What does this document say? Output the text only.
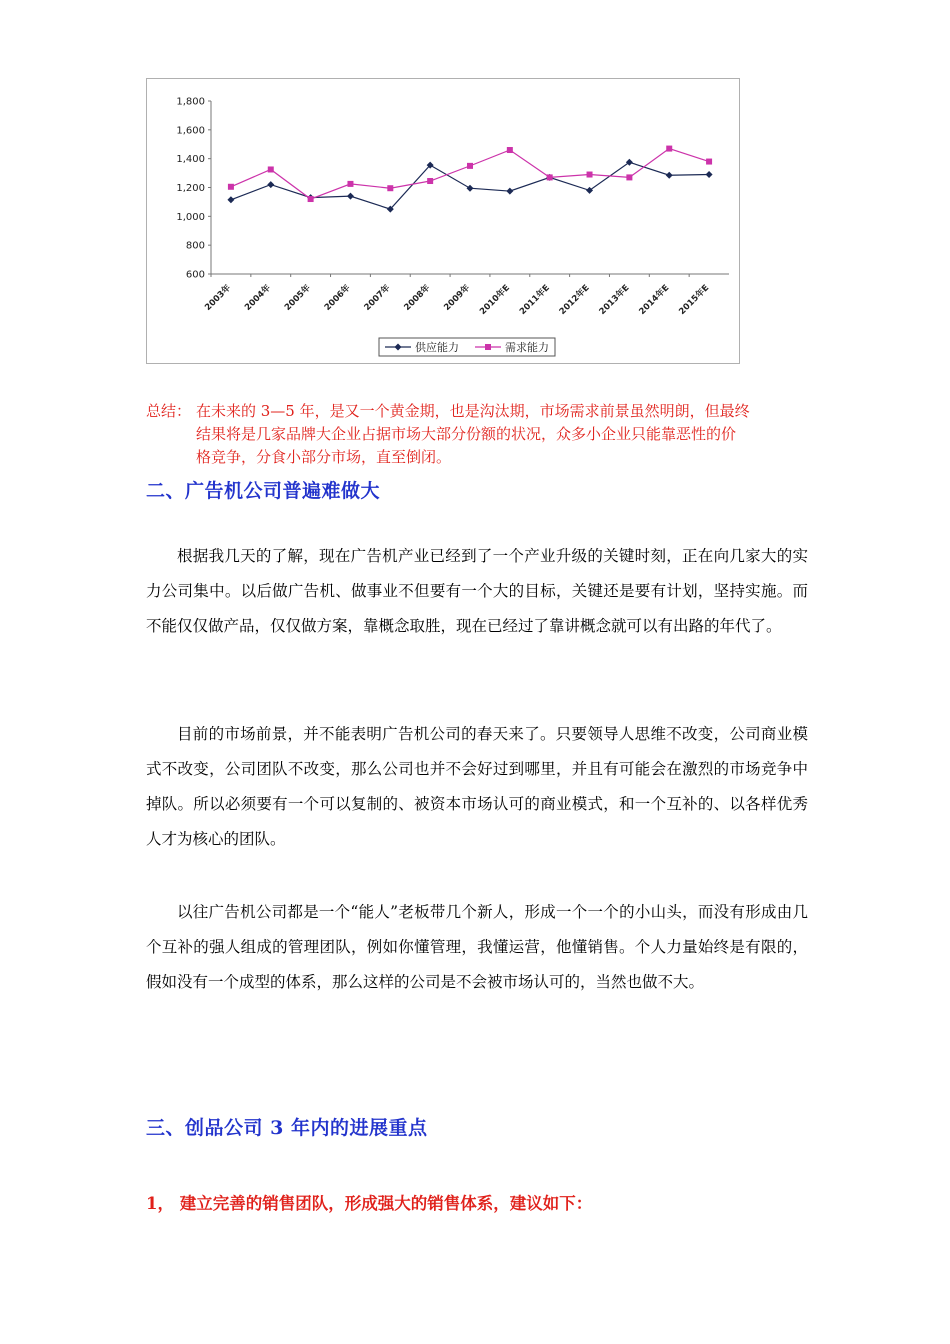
1,800
1,600
1,400
1,200
1,000
800
600
2003年 2004年 2005年 2006年 2007年 2008年 2009年 2010年E 2011年E 2012年E 2013年E 2014年E 2015年E
供应能力	需求能力
总结： 在未来的 3—5 年，是又一个黄金期，也是沟汰期，市场需求前景虽然明朗，但最终
结果将是几家品牌大企业占据市场大部分份额的状况，众多小企业只能靠恶性的价
格竞争，分食小部分市场，直至倒闭。
二、广告机公司普遍难做大
根据我几天的了解，现在广告机产业已经到了一个产业升级的关键时刻，正在向几家大的实力公司集中。以后做广告机、做事业不但要有一个大的目标，关键还是要有计划，坚持实施。而不能仅仅做产品，仅仅做方案，靠概念取胜，现在已经过了靠讲概念就可以有出路的年代了。
目前的市场前景，并不能表明广告机公司的春天来了。只要领导人思维不改变，公司商业模式不改变，公司团队不改变，那么公司也并不会好过到哪里，并且有可能会在激烈的市场竞争中掉队。所以必须要有一个可以复制的、被资本市场认可的商业模式，和一个互补的、以各样优秀人才为核心的团队。
以往广告机公司都是一个“能人”老板带几个新人，形成一个一个的小山头，而没有形成由几个互补的强人组成的管理团队，例如你懂管理，我懂运营，他懂销售。个人力量始终是有限的，假如没有一个成型的体系，那么这样的公司是不会被市场认可的，当然也做不大。
三、创品公司 3 年内的进展重点
1， 建立完善的销售团队，形成强大的销售体系，建议如下：
